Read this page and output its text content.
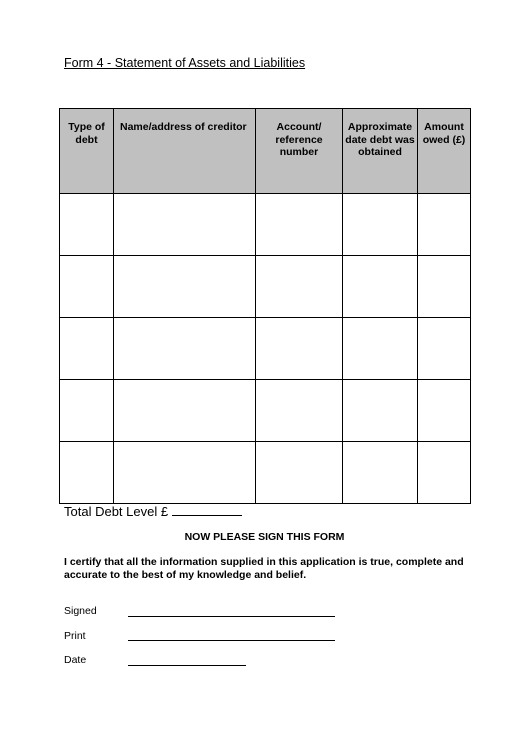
Form 4 - Statement of Assets and Liabilities
Type of debt	Name/address of creditor	Account/ reference number	Approximate date debt was obtained	Amount owed (£)

Total Debt Level £
NOW PLEASE SIGN THIS FORM
I certify that all the information supplied in this application is true, complete and accurate to the best of my knowledge and belief.
Signed
Print
Date
